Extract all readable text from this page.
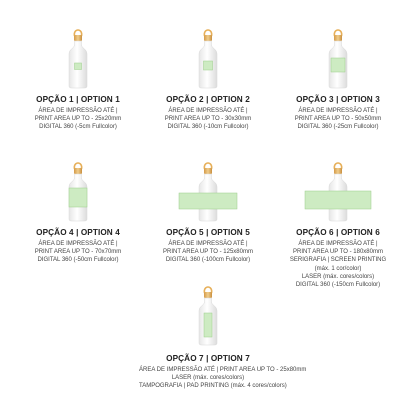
OPÇÃO 1 | OPTION 1
ÁREA DE IMPRESSÃO ATÉ |
PRINT AREA UP TO - 25x20mm
DIGITAL 360 (-5cm Fullcolor)
OPÇÃO 2 | OPTION 2
ÁREA DE IMPRESSÃO ATÉ |
PRINT AREA UP TO - 30x30mm
DIGITAL 360 (-10cm Fullcolor)
OPÇÃO 3 | OPTION 3
ÁREA DE IMPRESSÃO ATÉ |
PRINT AREA UP TO - 50x50mm
DIGITAL 360 (-25cm Fullcolor)
OPÇÃO 4 | OPTION 4
ÁREA DE IMPRESSÃO ATÉ |
PRINT AREA UP TO - 70x70mm
DIGITAL 360 (-50cm Fullcolor)
OPÇÃO 5 | OPTION 5
ÁREA DE IMPRESSÃO ATÉ |
PRINT AREA UP TO - 125x80mm
DIGITAL 360 (-100cm Fullcolor)
OPÇÃO 6 | OPTION 6
ÁREA DE IMPRESSÃO ATÉ |
PRINT AREA UP TO - 180x80mm
SERIGRAFIA | SCREEN PRINTING
(máx. 1 cor/color)
LASER (máx. cores/colors)
DIGITAL 360 (-150cm Fullcolor)
OPÇÃO 7 | OPTION 7
ÁREA DE IMPRESSÃO ATÉ | PRINT AREA UP TO - 25x80mm
LASER (máx. cores/colors)
TAMPOGRAFIA | PAD PRINTING (máx. 4 cores/colors)
